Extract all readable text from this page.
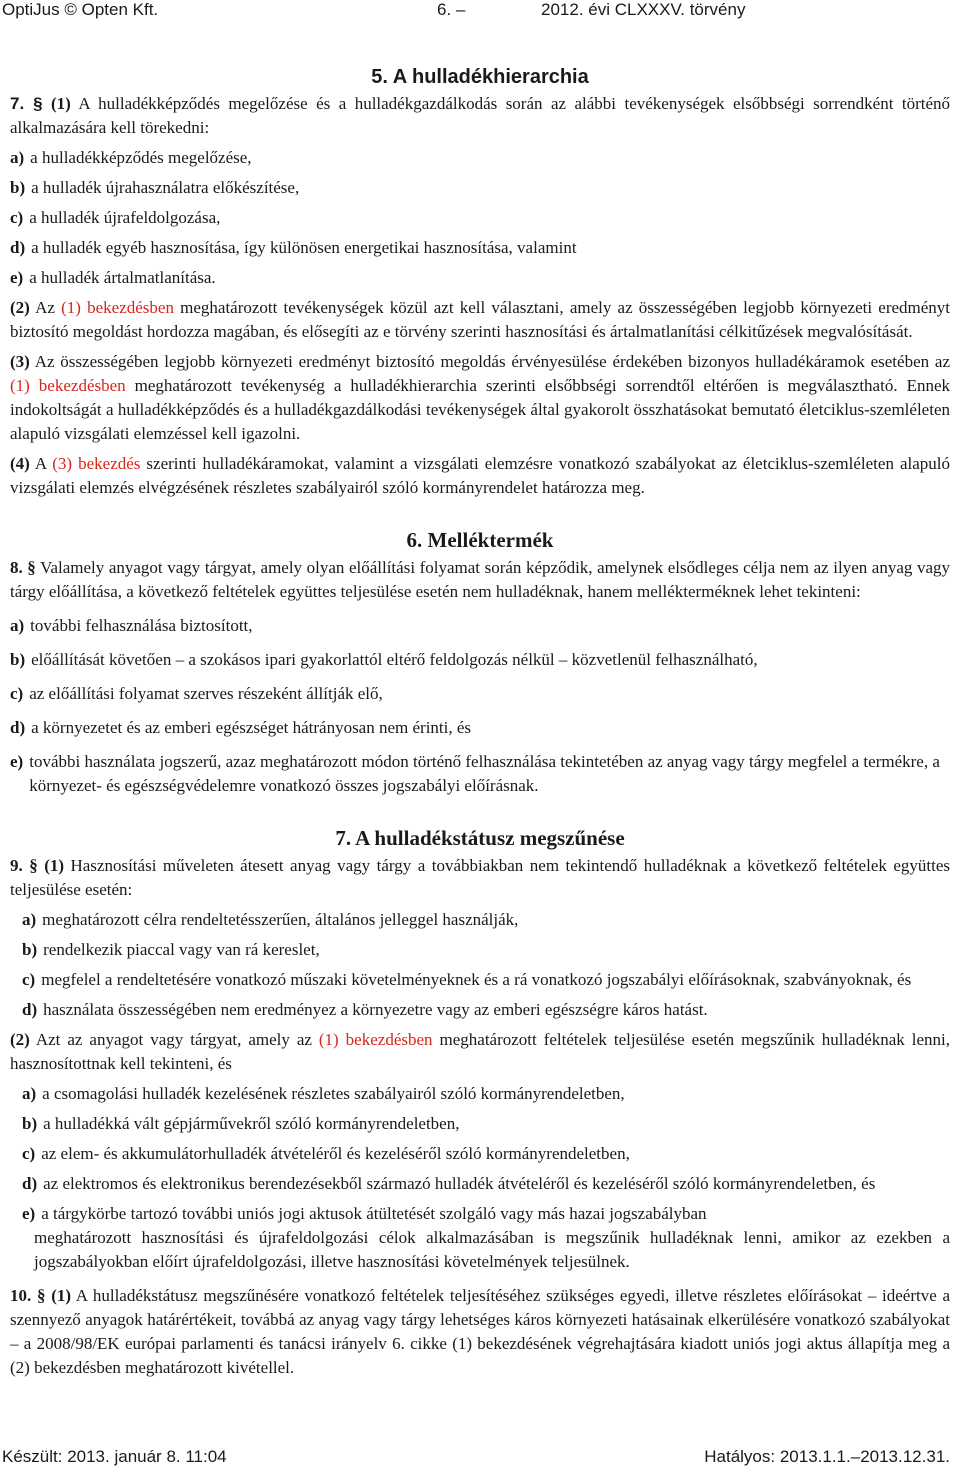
OptiJus © Opten Kft.	6. –	2012. évi CLXXXV. törvény
5. A hulladékhierarchia

7. § (1) A hulladékképződés megelőzése és a hulladékgazdálkodás során az alábbi tevékenységek elsőbbségi sorrendként történő alkalmazására kell törekedni:

a) a hulladékképződés megelőzése,
b) a hulladék újrahasználatra előkészítése,
c) a hulladék újrafeldolgozása,
d) a hulladék egyéb hasznosítása, így különösen energetikai hasznosítása, valamint
e) a hulladék ártalmatlanítása.

(2) Az (1) bekezdésben meghatározott tevékenységek közül azt kell választani, amely az összességében legjobb környezeti eredményt biztosító megoldást hordozza magában, és elősegíti az e törvény szerinti hasznosítási és ártalmatlanítási célkitűzések megvalósítását.

(3) Az összességében legjobb környezeti eredményt biztosító megoldás érvényesülése érdekében bizonyos hulladékáramok esetében az (1) bekezdésben meghatározott tevékenység a hulladékhierarchia szerinti elsőbbségi sorrendtől eltérően is megválasztható. Ennek indokoltságát a hulladékképződés és a hulladékgazdálkodási tevékenységek által gyakorolt összhatásokat bemutató életciklus-szemléleten alapuló vizsgálati elemzéssel kell igazolni.

(4) A (3) bekezdés szerinti hulladékáramokat, valamint a vizsgálati elemzésre vonatkozó szabályokat az életciklus-szemléleten alapuló vizsgálati elemzés elvégzésének részletes szabályairól szóló kormányrendelet határozza meg.

6. Melléktermék

8. § Valamely anyagot vagy tárgyat, amely olyan előállítási folyamat során képződik, amelynek elsődleges célja nem az ilyen anyag vagy tárgy előállítása, a következő feltételek együttes teljesülése esetén nem hulladéknak, hanem mellékterméknek lehet tekinteni:

a) további felhasználása biztosított,
b) előállítását követően – a szokásos ipari gyakorlattól eltérő feldolgozás nélkül – közvetlenül felhasználható,
c) az előállítási folyamat szerves részeként állítják elő,
d) a környezetet és az emberi egészséget hátrányosan nem érinti, és
e) további használata jogszerű, azaz meghatározott módon történő felhasználása tekintetében az anyag vagy tárgy megfelel a termékre, a környezet- és egészségvédelemre vonatkozó összes jogszabályi előírásnak.
7. A hulladékstátusz megszűnése

9. § (1) Hasznosítási műveleten átesett anyag vagy tárgy a továbbiakban nem tekintendő hulladéknak a következő feltételek együttes teljesülése esetén:

a) meghatározott célra rendeltetésszerűen, általános jelleggel használják,
b) rendelkezik piaccal vagy van rá kereslet,
c) megfelel a rendeltetésére vonatkozó műszaki követelményeknek és a rá vonatkozó jogszabályi előírásoknak, szabványoknak, és
d) használata összességében nem eredményez a környezetre vagy az emberi egészségre káros hatást.

(2) Azt az anyagot vagy tárgyat, amely az (1) bekezdésben meghatározott feltételek teljesülése esetén megszűnik hulladéknak lenni, hasznosítottnak kell tekinteni, és

a) a csomagolási hulladék kezelésének részletes szabályairól szóló kormányrendeletben,
b) a hulladékká vált gépjárművekről szóló kormányrendeletben,
c) az elem- és akkumulátorhulladék átvételéről és kezeléséről szóló kormányrendeletben,
d) az elektromos és elektronikus berendezésekből származó hulladék átvételéről és kezeléséről szóló kormányrendeletben, és
e) a tárgykörbe tartozó további uniós jogi aktusok átültetését szolgáló vagy más hazai jogszabályban

meghatározott hasznosítási és újrafeldolgozási célok alkalmazásában is megszűnik hulladéknak lenni, amikor az ezekben a jogszabályokban előírt újrafeldolgozási, illetve hasznosítási követelmények teljesülnek.

10. § (1) A hulladékstátusz megszűnésére vonatkozó feltételek teljesítéséhez szükséges egyedi, illetve részletes előírásokat – ideértve a szennyező anyagok határértékeit, továbbá az anyag vagy tárgy lehetséges káros környezeti hatásainak elkerülésére vonatkozó szabályokat – a 2008/98/EK európai parlamenti és tanácsi irányelv 6. cikke (1) bekezdésének végrehajtására kiadott uniós jogi aktus állapítja meg a (2) bekezdésben meghatározott kivétellel.

Készült: 2013. január 8. 11:04	Hatályos: 2013.1.1.–2013.12.31.
